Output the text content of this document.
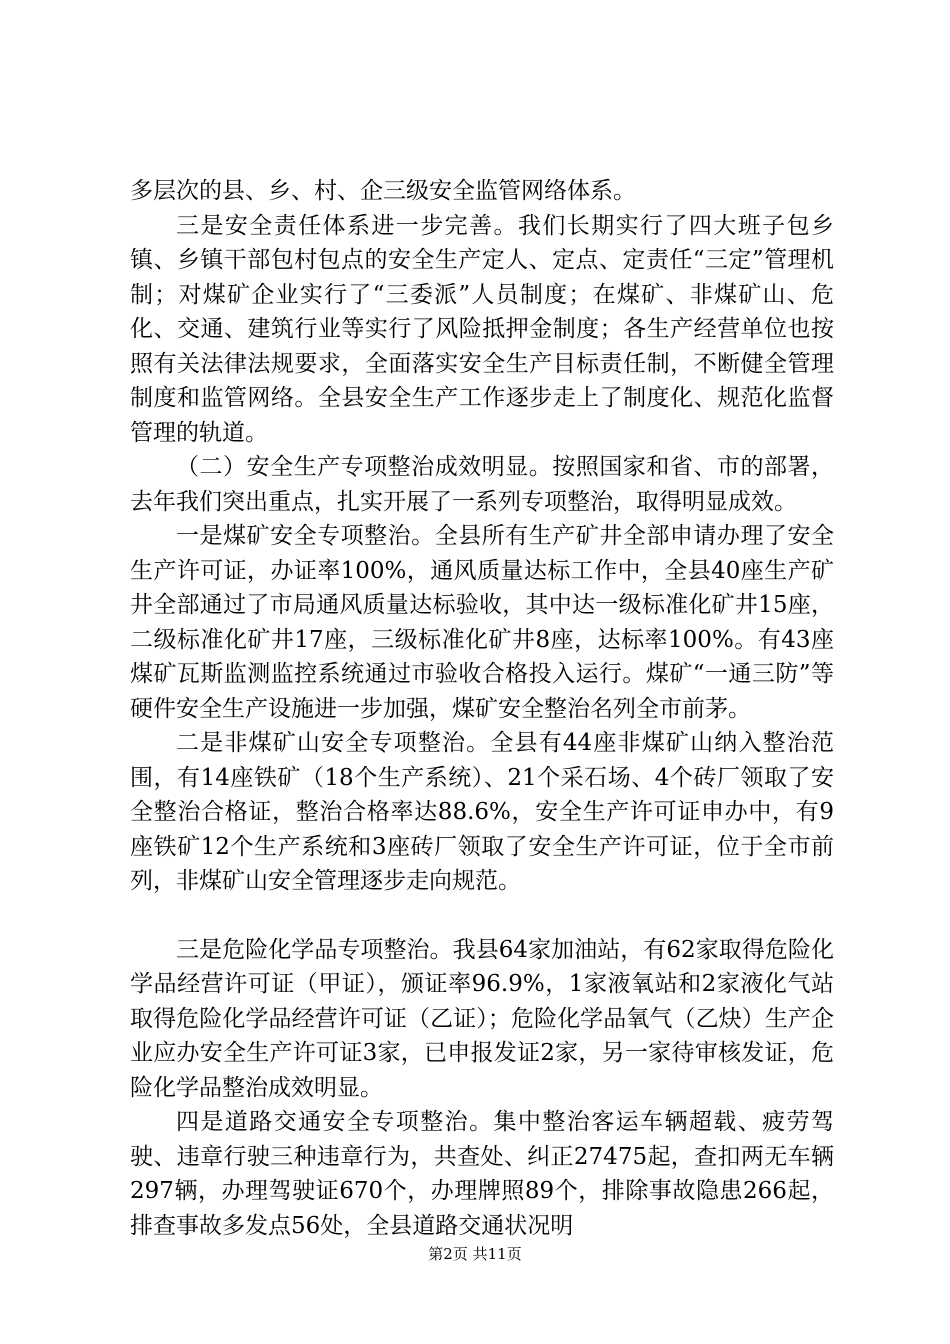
多层次的县、乡、村、企三级安全监管网络体系。

三是安全责任体系进一步完善。我们长期实行了四大班子包乡镇、乡镇干部包村包点的安全生产定人、定点、定责任“三定”管理机制；对煤矿企业实行了“三委派”人员制度；在煤矿、非煤矿山、危化、交通、建筑行业等实行了风险抵押金制度；各生产经营单位也按照有关法律法规要求，全面落实安全生产目标责任制，不断健全管理制度和监管网络。全县安全生产工作逐步走上了制度化、规范化监督管理的轨道。

（二）安全生产专项整治成效明显。按照国家和省、市的部署，去年我们突出重点，扎实开展了一系列专项整治，取得明显成效。

一是煤矿安全专项整治。全县所有生产矿井全部申请办理了安全生产许可证，办证率100%，通风质量达标工作中，全县40座生产矿井全部通过了市局通风质量达标验收，其中达一级标准化矿井15座，二级标准化矿井17座，三级标准化矿井8座，达标率100%。有43座煤矿瓦斯监测监控系统通过市验收合格投入运行。煤矿“一通三防”等硬件安全生产设施进一步加强，煤矿安全整治名列全市前茅。

二是非煤矿山安全专项整治。全县有44座非煤矿山纳入整治范围，有14座铁矿（18个生产系统）、21个采石场、4个砖厂领取了安全整治合格证，整治合格率达88.6%，安全生产许可证申办中，有9座铁矿12个生产系统和3座砖厂领取了安全生产许可证，位于全市前列，非煤矿山安全管理逐步走向规范。

三是危险化学品专项整治。我县64家加油站，有62家取得危险化学品经营许可证（甲证），颁证率96.9%，1家液氧站和2家液化气站取得危险化学品经营许可证（乙证）；危险化学品氧气（乙炔）生产企业应办安全生产许可证3家，已申报发证2家，另一家待审核发证，危险化学品整治成效明显。

四是道路交通安全专项整治。集中整治客运车辆超载、疲劳驾驶、违章行驶三种违章行为，共查处、纠正27475起，查扣两无车辆297辆，办理驾驶证670个，办理牌照89个，排除事故隐患266起，排查事故多发点56处，全县道路交通状况明

第2页 共11页
